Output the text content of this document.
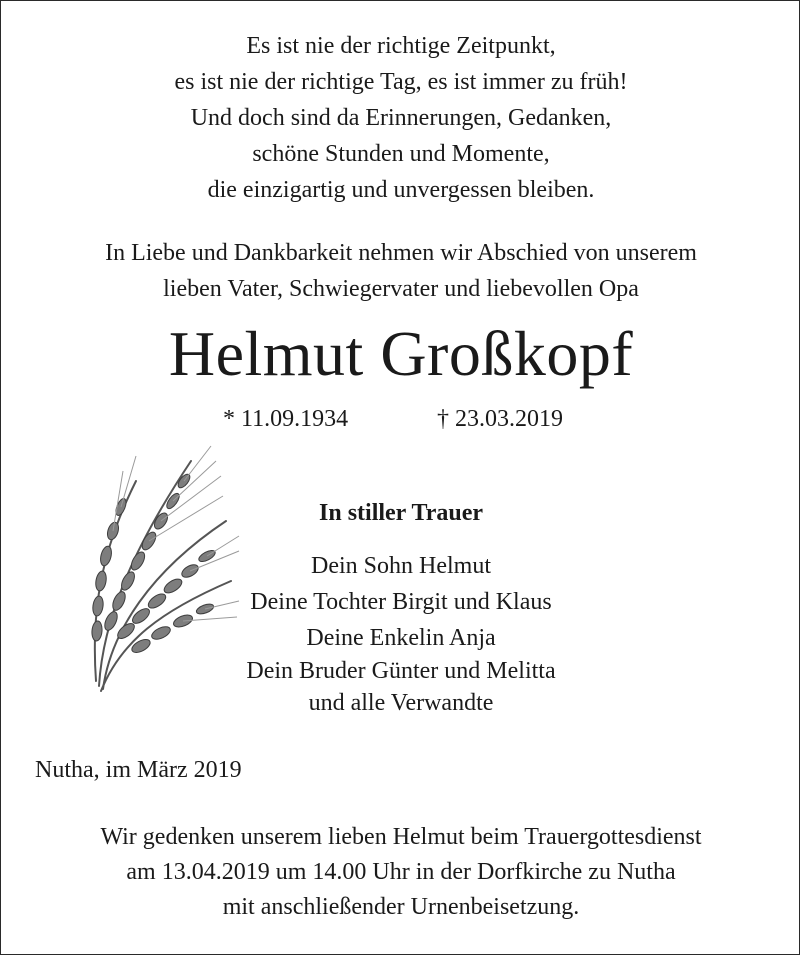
Es ist nie der richtige Zeitpunkt,
es ist nie der richtige Tag, es ist immer zu früh!
Und doch sind da Erinnerungen, Gedanken,
schöne Stunden und Momente,
die einzigartig und unvergessen bleiben.
In Liebe und Dankbarkeit nehmen wir Abschied von unserem
lieben Vater, Schwiegervater und liebevollen Opa
Helmut Großkopf
* 11.09.1934	† 23.03.2019
In stiller Trauer
Dein Sohn Helmut
Deine Tochter Birgit und Klaus
Deine Enkelin Anja
Dein Bruder Günter und Melitta
und alle Verwandte
Nutha, im März 2019
Wir gedenken unserem lieben Helmut beim Trauergottesdienst
am 13.04.2019 um 14.00 Uhr in der Dorfkirche zu Nutha
mit anschließender Urnenbeisetzung.
